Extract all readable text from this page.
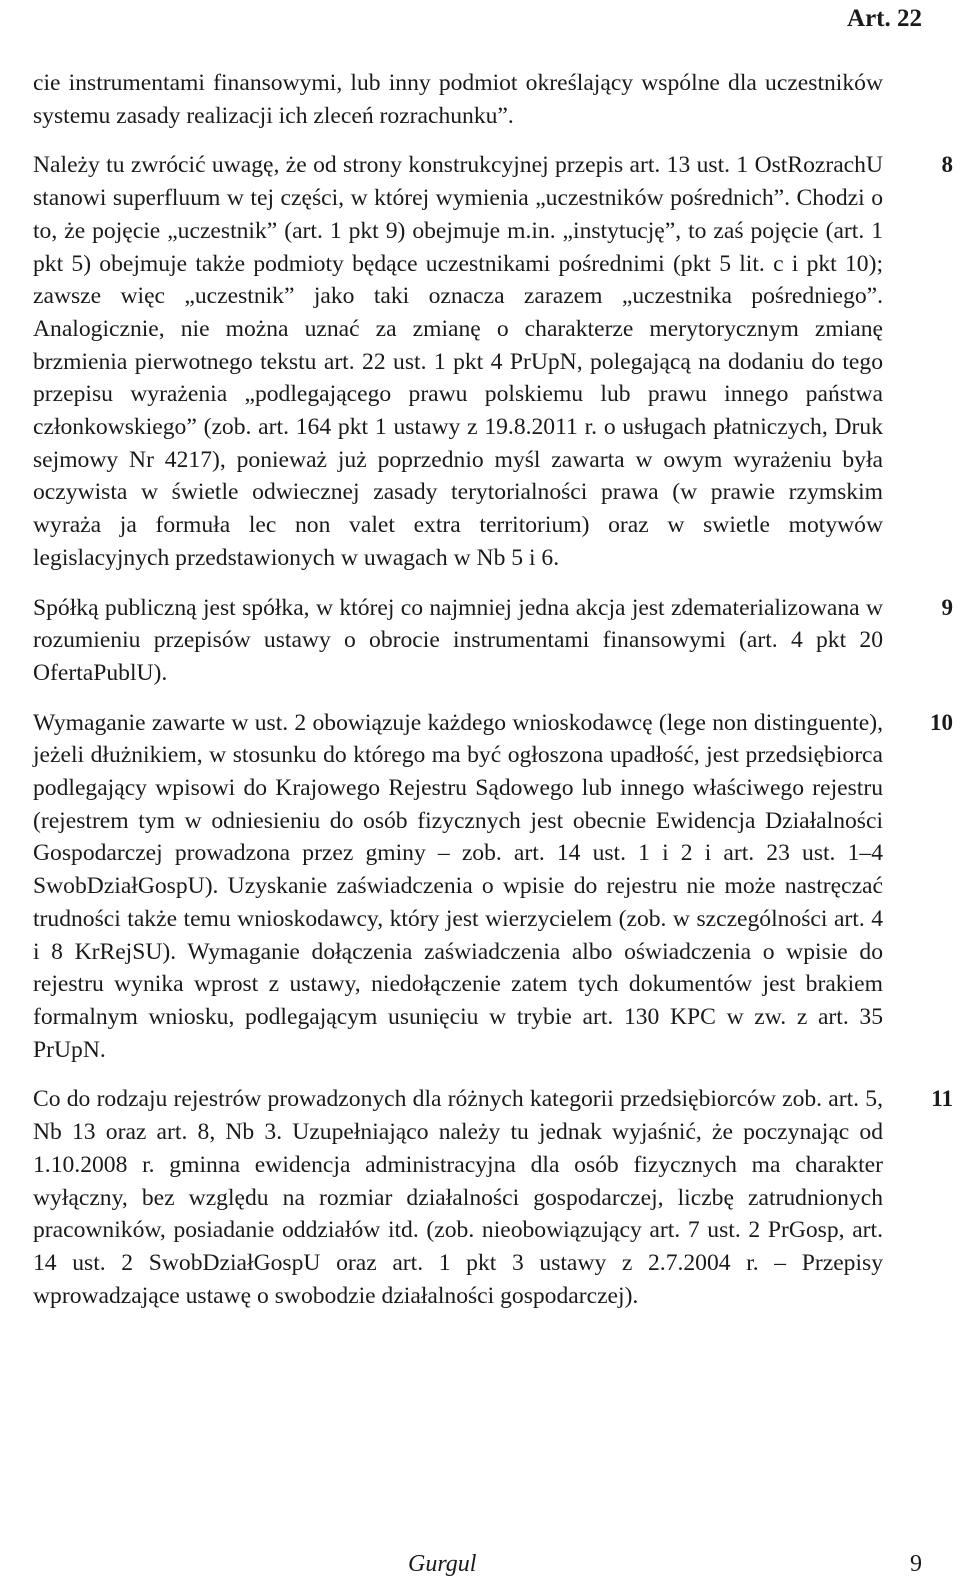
Art. 22

cie instrumentami finansowymi, lub inny podmiot określający wspólne dla uczestników systemu zasady realizacji ich zleceń rozrachunku”.

8
Należy tu zwrócić uwagę, że od strony konstrukcyjnej przepis art. 13 ust. 1 OstRozrachU stanowi superfluum w tej części, w której wymienia „uczestników pośrednich”. Chodzi o to, że pojęcie „uczestnik” (art. 1 pkt 9) obejmuje m.in. „instytucję”, to zaś pojęcie (art. 1 pkt 5) obejmuje także podmioty będące uczestnikami pośrednimi (pkt 5 lit. c i pkt 10); zawsze więc „uczestnik” jako taki oznacza zarazem „uczestnika pośredniego”. Analogicznie, nie można uznać za zmianę o charakterze merytorycznym zmianę brzmienia pierwotnego tekstu art. 22 ust. 1 pkt 4 PrUpN, polegającą na dodaniu do tego przepisu wyrażenia „podlegającego prawu polskiemu lub prawu innego państwa członkowskiego” (zob. art. 164 pkt 1 ustawy z 19.8.2011 r. o usługach płatniczych, Druk sejmowy Nr 4217), ponieważ już poprzednio myśl zawarta w owym wyrażeniu była oczywista w świetle odwiecznej zasady terytorialności prawa (w prawie rzymskim wyraża ja formuła lec non valet extra territorium) oraz w swietle motywów legislacyjnych przedstawionych w uwagach w Nb 5 i 6.

9
Spółką publiczną jest spółka, w której co najmniej jedna akcja jest zdematerializowana w rozumieniu przepisów ustawy o obrocie instrumentami finansowymi (art. 4 pkt 20 OfertaPublU).

10
Wymaganie zawarte w ust. 2 obowiązuje każdego wnioskodawcę (lege non distinguente), jeżeli dłużnikiem, w stosunku do którego ma być ogłoszona upadłość, jest przedsiębiorca podlegający wpisowi do Krajowego Rejestru Sądowego lub innego właściwego rejestru (rejestrem tym w odniesieniu do osób fizycznych jest obecnie Ewidencja Działalności Gospodarczej prowadzona przez gminy – zob. art. 14 ust. 1 i 2 i art. 23 ust. 1–4 SwobDziałGospU). Uzyskanie zaświadczenia o wpisie do rejestru nie może nastręczać trudności także temu wnioskodawcy, który jest wierzycielem (zob. w szczególności art. 4 i 8 KrRejSU). Wymaganie dołączenia zaświadczenia albo oświadczenia o wpisie do rejestru wynika wprost z ustawy, niedołączenie zatem tych dokumentów jest brakiem formalnym wniosku, podlegającym usunięciu w trybie art. 130 KPC w zw. z art. 35 PrUpN.

11
Co do rodzaju rejestrów prowadzonych dla różnych kategorii przedsiębiorców zob. art. 5, Nb 13 oraz art. 8, Nb 3. Uzupełniająco należy tu jednak wyjaśnić, że poczynając od 1.10.2008 r. gminna ewidencja administracyjna dla osób fizycznych ma charakter wyłączny, bez względu na rozmiar działalności gospodarczej, liczbę zatrudnionych pracowników, posiadanie oddziałów itd. (zob. nieobowiązujący art. 7 ust. 2 PrGosp, art. 14 ust. 2 SwobDziałGospU oraz art. 1 pkt 3 ustawy z 2.7.2004 r. – Przepisy wprowadzające ustawę o swobodzie działalności gospodarczej).

Gurgul	9
